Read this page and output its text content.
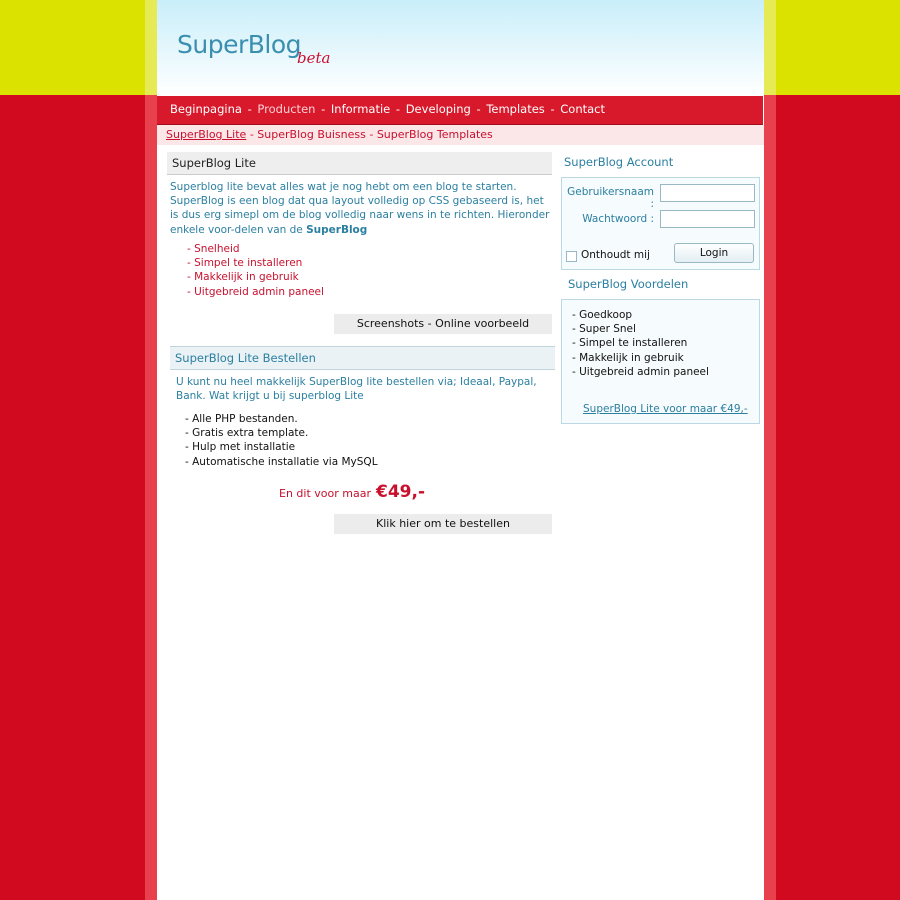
SuperBlog
beta
Beginpagina - Producten - Informatie - Developing - Templates - Contact
SuperBlog Lite - SuperBlog Buisness - SuperBlog Templates
SuperBlog Lite
Superblog lite bevat alles wat je nog hebt om een blog te starten. SuperBlog is een blog dat qua layout volledig op CSS gebaseerd is, het is dus erg simepl om de blog volledig naar wens in te richten. Hieronder enkele voor-delen van de SuperBlog
- Snelheid
- Simpel te installeren
- Makkelijk in gebruik
- Uitgebreid admin paneel
Screenshots - Online voorbeeld
SuperBlog Lite Bestellen
U kunt nu heel makkelijk SuperBlog lite bestellen via; Ideaal, Paypal, Bank. Wat krijgt u bij superblog Lite
- Alle PHP bestanden.
- Gratis extra template.
- Hulp met installatie
- Automatische installatie via MySQL
En dit voor maar €49,-
Klik hier om te bestellen
SuperBlog Account
Gebruikersnaam :
Wachtwoord :
Onthoudt mij	Login
SuperBlog Voordelen
- Goedkoop
- Super Snel
- Simpel te installeren
- Makkelijk in gebruik
- Uitgebreid admin paneel
SuperBlog Lite voor maar €49,-
